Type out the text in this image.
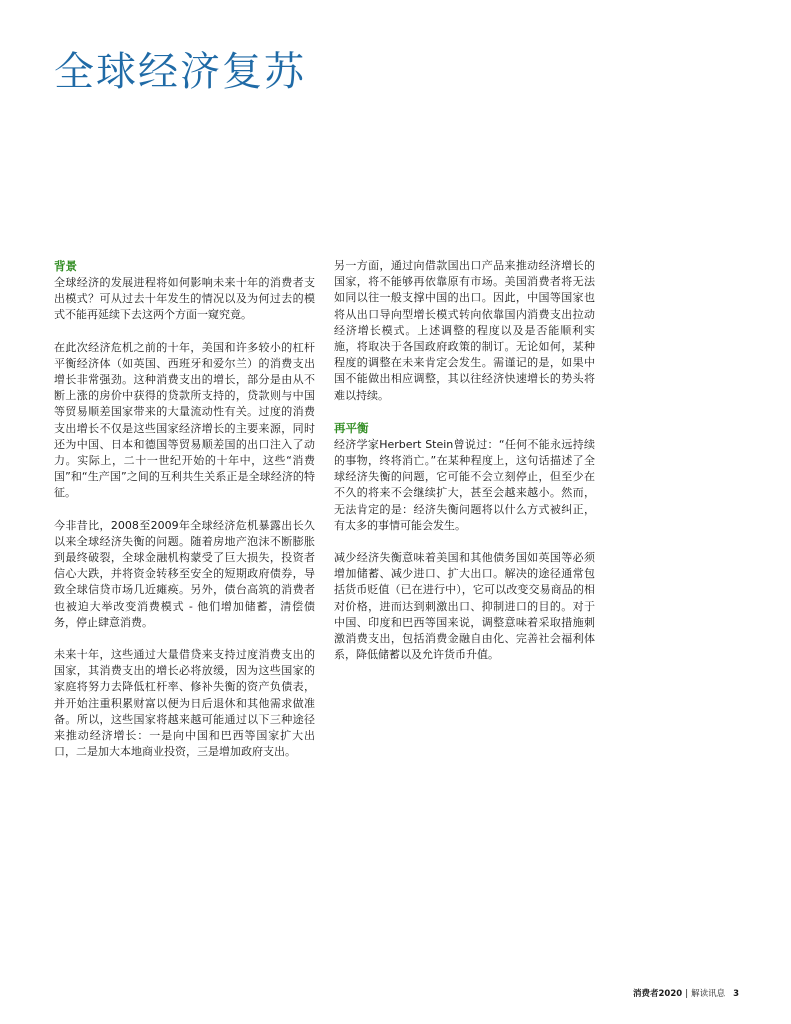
全球经济复苏
背景

全球经济的发展进程将如何影响未来十年的消费者支出模式？可从过去十年发生的情况以及为何过去的模式不能再延续下去这两个方面一窥究竟。

在此次经济危机之前的十年，美国和许多较小的杠杆平衡经济体（如英国、西班牙和爱尔兰）的消费支出增长非常强劲。这种消费支出的增长，部分是由从不断上涨的房价中获得的贷款所支持的，贷款则与中国等贸易顺差国家带来的大量流动性有关。过度的消费支出增长不仅是这些国家经济增长的主要来源，同时还为中国、日本和德国等贸易顺差国的出口注入了动力。实际上，二十一世纪开始的十年中，这些“消费国”和“生产国”之间的互利共生关系正是全球经济的特征。

今非昔比，2008至2009年全球经济危机暴露出长久以来全球经济失衡的问题。随着房地产泡沫不断膨胀到最终破裂，全球金融机构蒙受了巨大损失，投资者信心大跌，并将资金转移至安全的短期政府债券，导致全球信贷市场几近瘫痪。另外，债台高筑的消费者也被迫大举改变消费模式 - 他们增加储蓄，清偿债务，停止肆意消费。

未来十年，这些通过大量借贷来支持过度消费支出的国家，其消费支出的增长必将放缓，因为这些国家的家庭将努力去降低杠杆率、修补失衡的资产负债表，并开始注重积累财富以便为日后退休和其他需求做准备。所以，这些国家将越来越可能通过以下三种途径来推动经济增长：一是向中国和巴西等国家扩大出口，二是加大本地商业投资，三是增加政府支出。

另一方面，通过向借款国出口产品来推动经济增长的国家，将不能够再依靠原有市场。美国消费者将无法如同以往一般支撑中国的出口。因此，中国等国家也将从出口导向型增长模式转向依靠国内消费支出拉动经济增长模式。上述调整的程度以及是否能顺利实施，将取决于各国政府政策的制订。无论如何，某种程度的调整在未来肯定会发生。需谨记的是，如果中国不能做出相应调整，其以往经济快速增长的势头将难以持续。

再平衡

经济学家Herbert Stein曾说过：“任何不能永远持续的事物，终将消亡。”在某种程度上，这句话描述了全球经济失衡的问题，它可能不会立刻停止，但至少在不久的将来不会继续扩大，甚至会越来越小。然而，无法肯定的是：经济失衡问题将以什么方式被纠正，有太多的事情可能会发生。

减少经济失衡意味着美国和其他债务国如英国等必须增加储蓄、减少进口、扩大出口。解决的途径通常包括货币贬值（已在进行中），它可以改变交易商品的相对价格，进而达到刺激出口、抑制进口的目的。对于中国、印度和巴西等国来说，调整意味着采取措施刺激消费支出，包括消费金融自由化、完善社会福利体系，降低储蓄以及允许货币升值。

消费者2020 | 解读讯息 3
